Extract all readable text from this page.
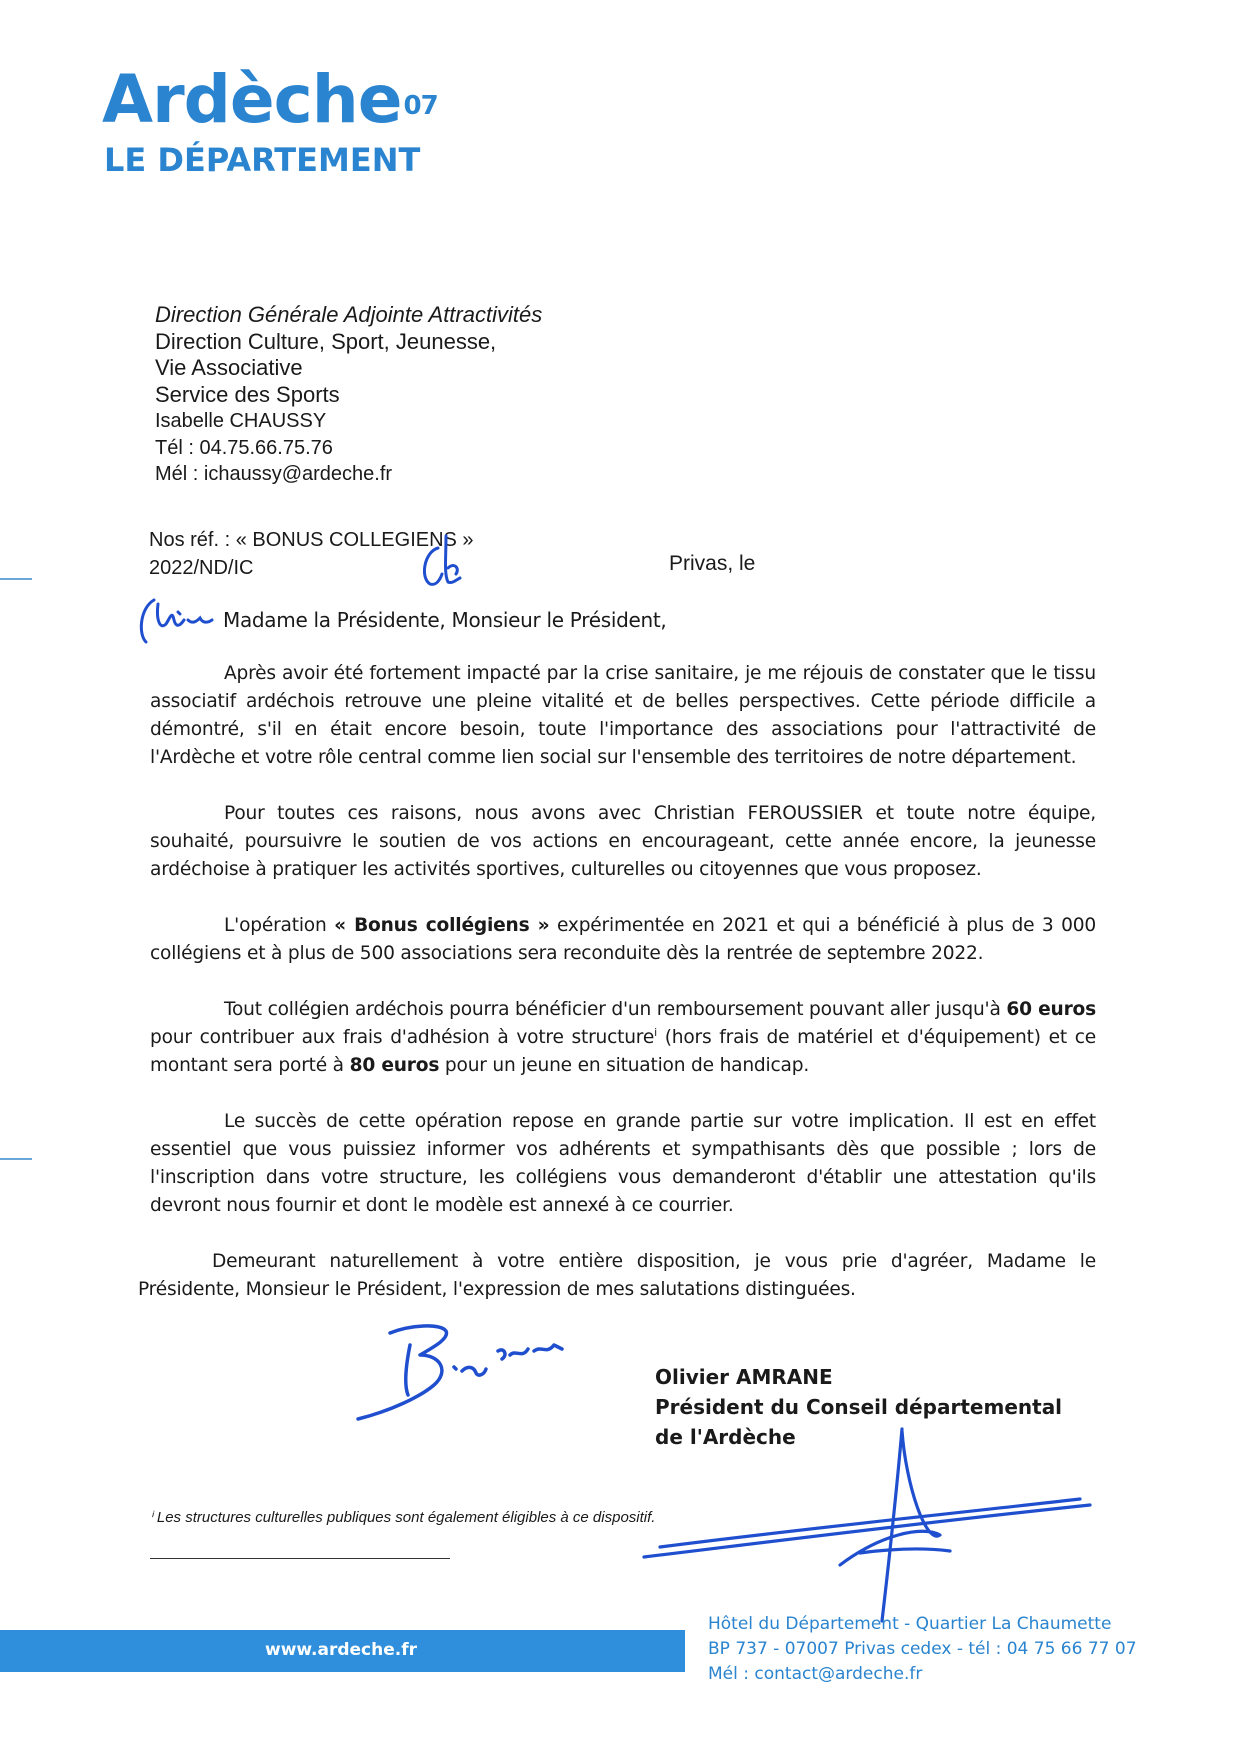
Ardèche07
LE DÉPARTEMENT
Direction Générale Adjointe Attractivités
Direction Culture, Sport, Jeunesse,
Vie Associative
Service des Sports
Isabelle CHAUSSY
Tél : 04.75.66.75.76
Mél : ichaussy@ardeche.fr
Nos réf. : « BONUS COLLEGIENS »
2022/ND/IC	Privas, le
Madame la Présidente, Monsieur le Président,

Après avoir été fortement impacté par la crise sanitaire, je me réjouis de constater que le tissu associatif ardéchois retrouve une pleine vitalité et de belles perspectives. Cette période difficile a démontré, s'il en était encore besoin, toute l'importance des associations pour l'attractivité de l'Ardèche et votre rôle central comme lien social sur l'ensemble des territoires de notre département.

Pour toutes ces raisons, nous avons avec Christian FEROUSSIER et toute notre équipe, souhaité, poursuivre le soutien de vos actions en encourageant, cette année encore, la jeunesse ardéchoise à pratiquer les activités sportives, culturelles ou citoyennes que vous proposez.

L'opération « Bonus collégiens » expérimentée en 2021 et qui a bénéficié à plus de 3 000 collégiens et à plus de 500 associations sera reconduite dès la rentrée de septembre 2022.

Tout collégien ardéchois pourra bénéficier d'un remboursement pouvant aller jusqu'à 60 euros pour contribuer aux frais d'adhésion à votre structure$^i$ (hors frais de matériel et d'équipement) et ce montant sera porté à 80 euros pour un jeune en situation de handicap.

Le succès de cette opération repose en grande partie sur votre implication. Il est en effet essentiel que vous puissiez informer vos adhérents et sympathisants dès que possible ; lors de l'inscription dans votre structure, les collégiens vous demanderont d'établir une attestation qu'ils devront nous fournir et dont le modèle est annexé à ce courrier.

Demeurant naturellement à votre entière disposition, je vous prie d'agréer, Madame le Présidente, Monsieur le Président, l'expression de mes salutations distinguées.

Olivier AMRANE
Président du Conseil départemental
de l'Ardèche
ⁱ Les structures culturelles publiques sont également éligibles à ce dispositif.
www.ardeche.fr
Hôtel du Département - Quartier La Chaumette
BP 737 - 07007 Privas cedex - tél : 04 75 66 77 07
Mél : contact@ardeche.fr
